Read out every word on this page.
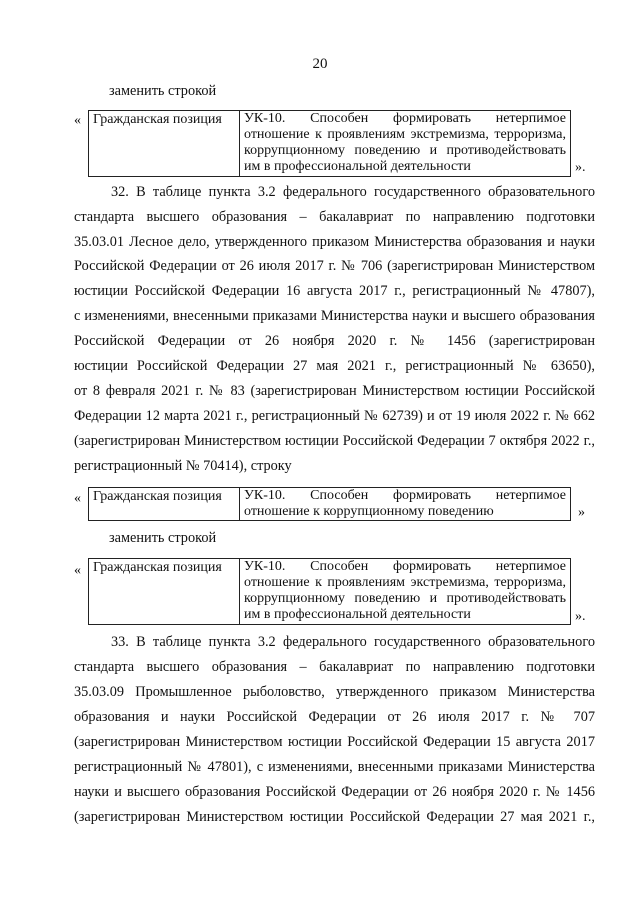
20
заменить строкой
« Гражданская позиция	УК-10. Способен формировать нетерпимое
отношение к проявлениям экстремизма, терроризма,
коррупционному поведению и противодействовать
им в профессиональной деятельности	».
32. В таблице пункта 3.2 федерального государственного образовательного
стандарта высшего образования – бакалавриат по направлению подготовки
35.03.01 Лесное дело, утвержденного приказом Министерства образования и науки
Российской Федерации от 26 июля 2017 г. № 706 (зарегистрирован Министерством
юстиции Российской Федерации 16 августа 2017 г., регистрационный № 47807),
с изменениями, внесенными приказами Министерства науки и высшего образования
Российской Федерации от 26 ноября 2020 г. № 1456 (зарегистрирован
юстиции Российской Федерации 27 мая 2021 г., регистрационный № 63650),
от 8 февраля 2021 г. № 83 (зарегистрирован Министерством юстиции Российской
Федерации 12 марта 2021 г., регистрационный № 62739) и от 19 июля 2022 г. № 662
(зарегистрирован Министерством юстиции Российской Федерации 7 октября 2022 г.,
регистрационный № 70414), строку
« Гражданская позиция	УК-10. Способен формировать нетерпимое
отношение к коррупционному поведению	»
заменить строкой
« Гражданская позиция	УК-10. Способен формировать нетерпимое
отношение к проявлениям экстремизма, терроризма,
коррупционному поведению и противодействовать
им в профессиональной деятельности	».
33. В таблице пункта 3.2 федерального государственного образовательного
стандарта высшего образования – бакалавриат по направлению подготовки
35.03.09 Промышленное рыболовство, утвержденного приказом Министерства
образования и науки Российской Федерации от 26 июля 2017 г. № 707
(зарегистрирован Министерством юстиции Российской Федерации 15 августа 2017
регистрационный № 47801), с изменениями, внесенными приказами Министерства
науки и высшего образования Российской Федерации от 26 ноября 2020 г. № 1456
(зарегистрирован Министерством юстиции Российской Федерации 27 мая 2021 г.,
